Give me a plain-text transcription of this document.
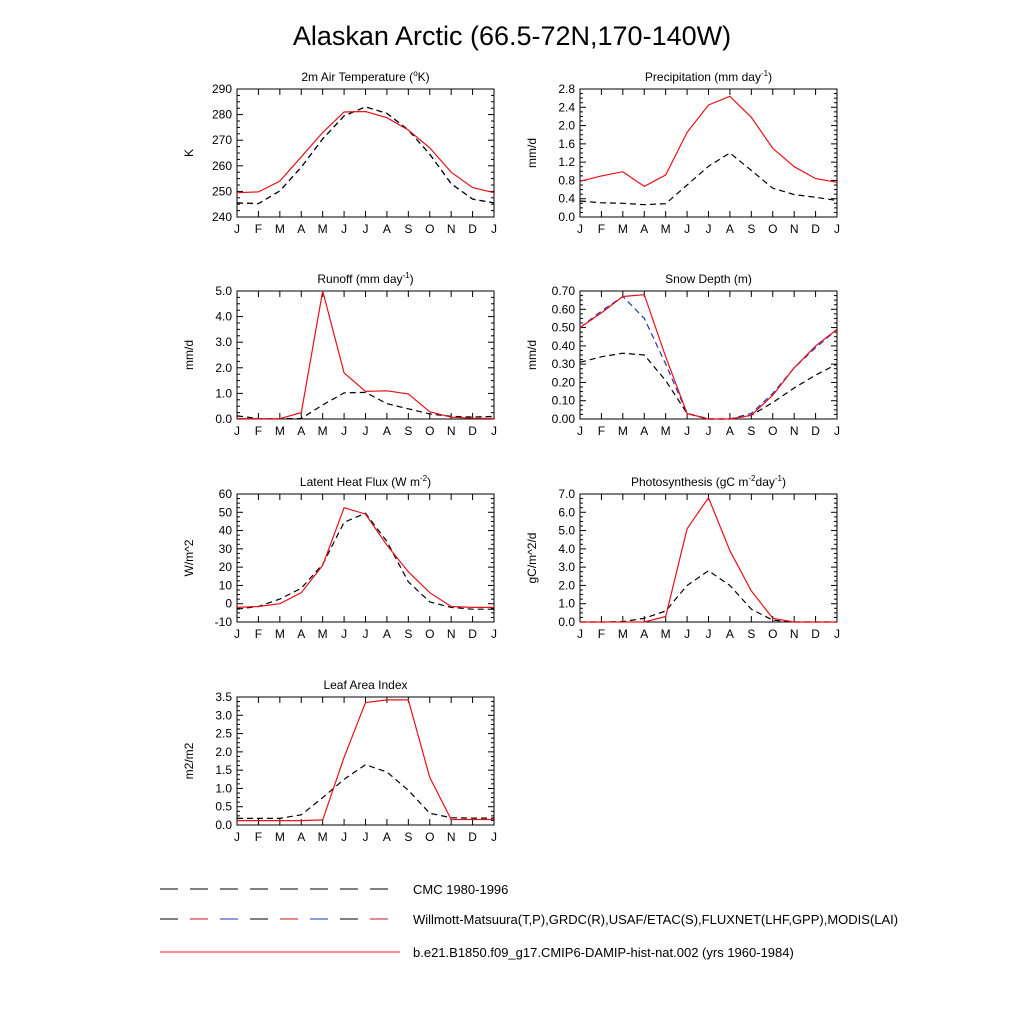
Alaskan Arctic (66.5-72N,170-140W)
2m Air Temperature ($^o$K)
J F M A M J J A S O N D J
240
250
260
270
280
290
K
Precipitation (mm day$^{-1}$)
J F M A M J J A S O N D J
0.0
0.4
0.8
1.2
1.6
2.0
2.4
2.8
mm/d
Runoff (mm day$^{-1}$)
J F M A M J J A S O N D J
0.0
1.0
2.0
3.0
4.0
5.0
mm/d
Snow Depth (m)
J F M A M J J A S O N D J
0.00
0.10
0.20
0.30
0.40
0.50
0.60
0.70
mm/d
Latent Heat Flux (W $m^{-2}$)
J F M A M J J A S O N D J
-10
0
10
20
30
40
50
60
W/m^2
Photosynthesis (gC $m^{-2}day^{-1}$)
J F M A M J J A S O N D J
0.0
1.0
2.0
3.0
4.0
5.0
6.0
7.0
gC/m^2/d
Leaf Area Index
J F M A M J J A S O N D J
0.0
0.5
1.0
1.5
2.0
2.5
3.0
3.5
m2/m2
CMC 1980-1996
Willmott-Matsuura(T,P),GRDC(R),USAF/ETAC(S),FLUXNET(LHF,GPP),MODIS(LAI)
b.e21.B1850.f09_g17.CMIP6-DAMIP-hist-nat.002 (yrs 1960-1984)
